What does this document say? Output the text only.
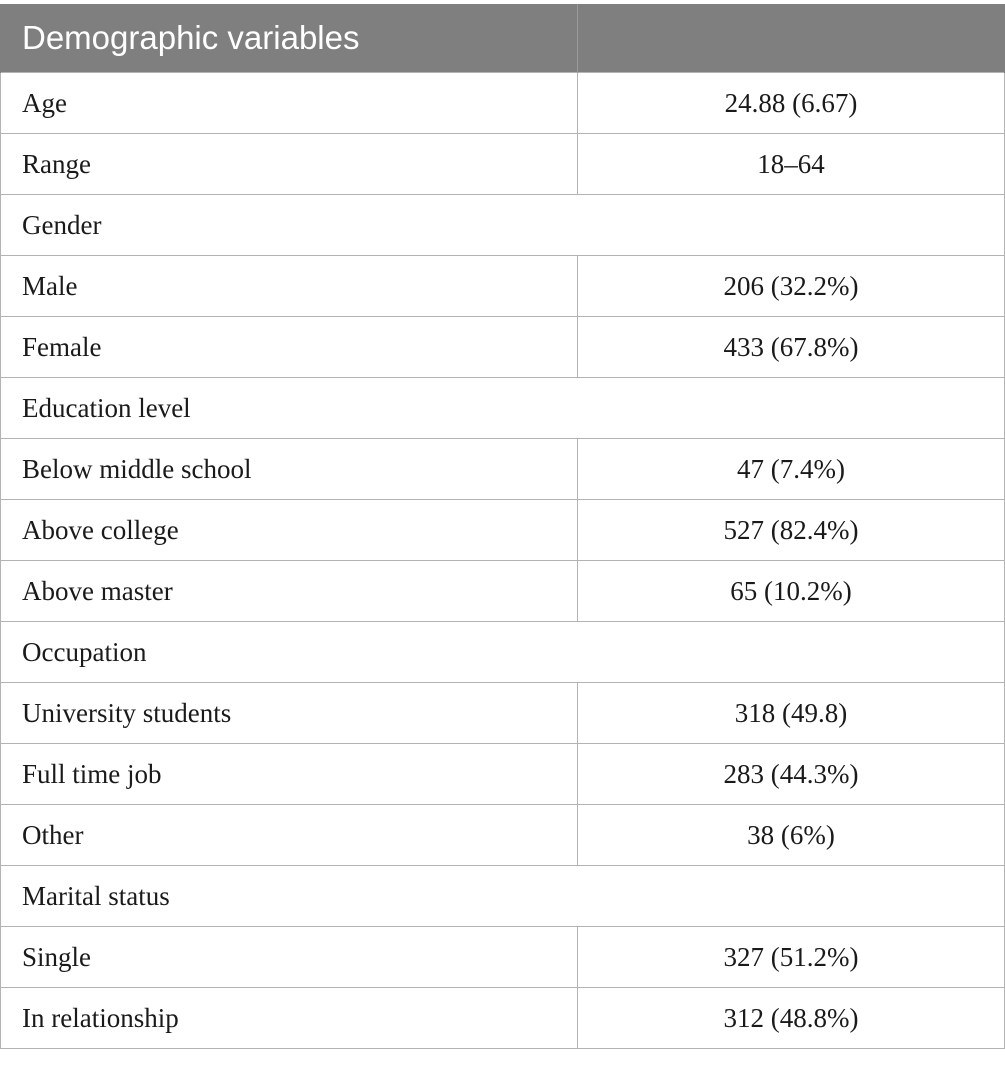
Demographic variables	
Age	24.88 (6.67)
Range	18–64
Gender	
Male	206 (32.2%)
Female	433 (67.8%)
Education level	
Below middle school	47 (7.4%)
Above college	527 (82.4%)
Above master	65 (10.2%)
Occupation	
University students	318 (49.8)
Full time job	283 (44.3%)
Other	38 (6%)
Marital status	
Single	327 (51.2%)
In relationship	312 (48.8%)
